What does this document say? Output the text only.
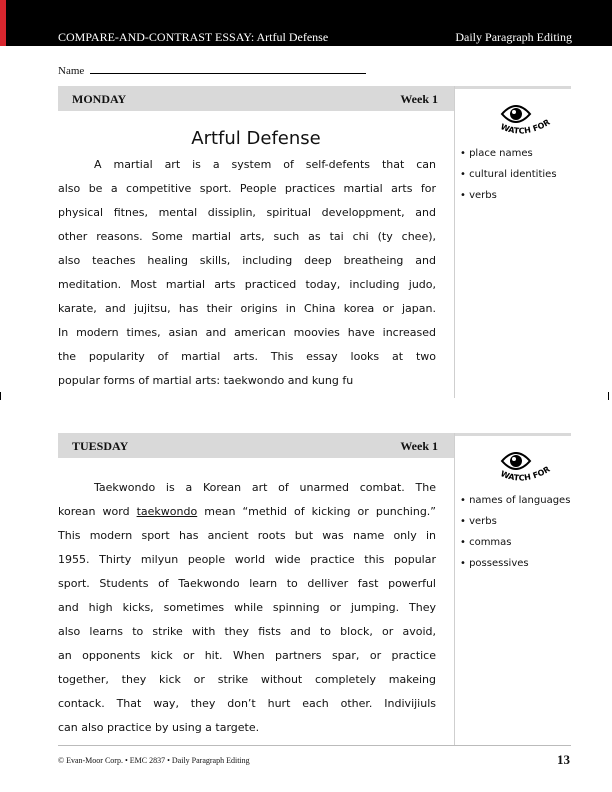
COMPARE-AND-CONTRAST ESSAY: Artful Defense	Daily Paragraph Editing
Name
MONDAY	Week 1
Artful Defense
A martial art is a system of self-defents that can
also be a competitive sport. People practices martial arts for
physical fitnes, mental dissiplin, spiritual developpment, and
other reasons. Some martial arts, such as tai chi (ty chee),
also teaches healing skills, including deep breatheing and
meditation. Most martial arts practiced today, including judo,
karate, and jujitsu, has their origins in China korea or japan.
In modern times, asian and american moovies have increased
the popularity of martial arts. This essay looks at two
popular forms of martial arts: taekwondo and kung fu
WATCH FOR
• place names
• cultural identities
• verbs
TUESDAY	Week 1
Taekwondo is a Korean art of unarmed combat. The
korean word taekwondo mean “methid of kicking or punching.”
This modern sport has ancient roots but was name only in
1955. Thirty milyun people world wide practice this popular
sport. Students of Taekwondo learn to delliver fast powerful
and high kicks, sometimes while spinning or jumping. They
also learns to strike with they fists and to block, or avoid,
an opponents kick or hit. When partners spar, or practice
together, they kick or strike without completely makeing
contack. That way, they don’t hurt each other. Indivijiuls
can also practice by using a targete.
WATCH FOR
• names of languages
• verbs
• commas
• possessives
© Evan-Moor Corp. • EMC 2837 • Daily Paragraph Editing	13
